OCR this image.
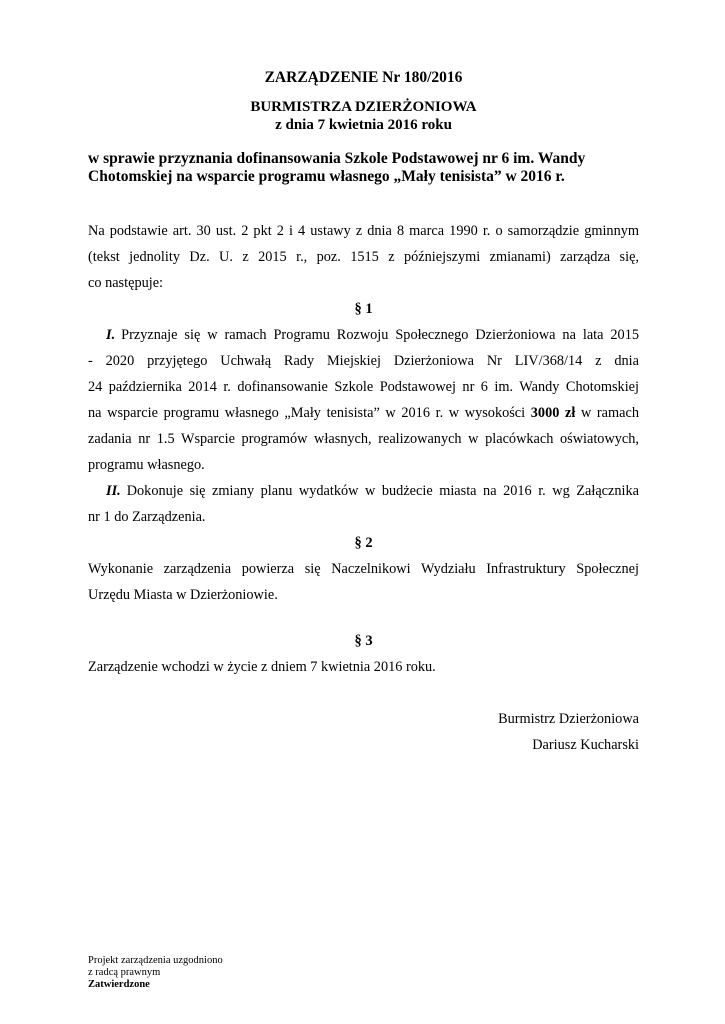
ZARZĄDZENIE Nr 180/2016
BURMISTRZA DZIERŻONIOWA
z dnia 7 kwietnia 2016 roku
w sprawie przyznania dofinansowania Szkole Podstawowej nr 6 im. Wandy
Chotomskiej na wsparcie programu własnego „Mały tenisista” w 2016 r.
Na podstawie art. 30 ust. 2 pkt 2 i 4 ustawy z dnia 8 marca 1990 r. o samorządzie gminnym
(tekst jednolity Dz. U. z 2015 r., poz. 1515 z późniejszymi zmianami) zarządza się,
co następuje:
§ 1
I. Przyznaje się w ramach Programu Rozwoju Społecznego Dzierżoniowa na lata 2015
- 2020 przyjętego Uchwałą Rady Miejskiej Dzierżoniowa Nr LIV/368/14 z dnia
24 października 2014 r. dofinansowanie Szkole Podstawowej nr 6 im. Wandy Chotomskiej
na wsparcie programu własnego „Mały tenisista” w 2016 r. w wysokości 3000 zł w ramach
zadania nr 1.5 Wsparcie programów własnych, realizowanych w placówkach oświatowych,
programu własnego.
II. Dokonuje się zmiany planu wydatków w budżecie miasta na 2016 r. wg Załącznika
nr 1 do Zarządzenia.
§ 2
Wykonanie zarządzenia powierza się Naczelnikowi Wydziału Infrastruktury Społecznej
Urzędu Miasta w Dzierżoniowie.
§ 3
Zarządzenie wchodzi w życie z dniem 7 kwietnia 2016 roku.
Burmistrz Dzierżoniowa
Dariusz Kucharski
Projekt zarządzenia uzgodniono
z radcą prawnym
Zatwierdzone
